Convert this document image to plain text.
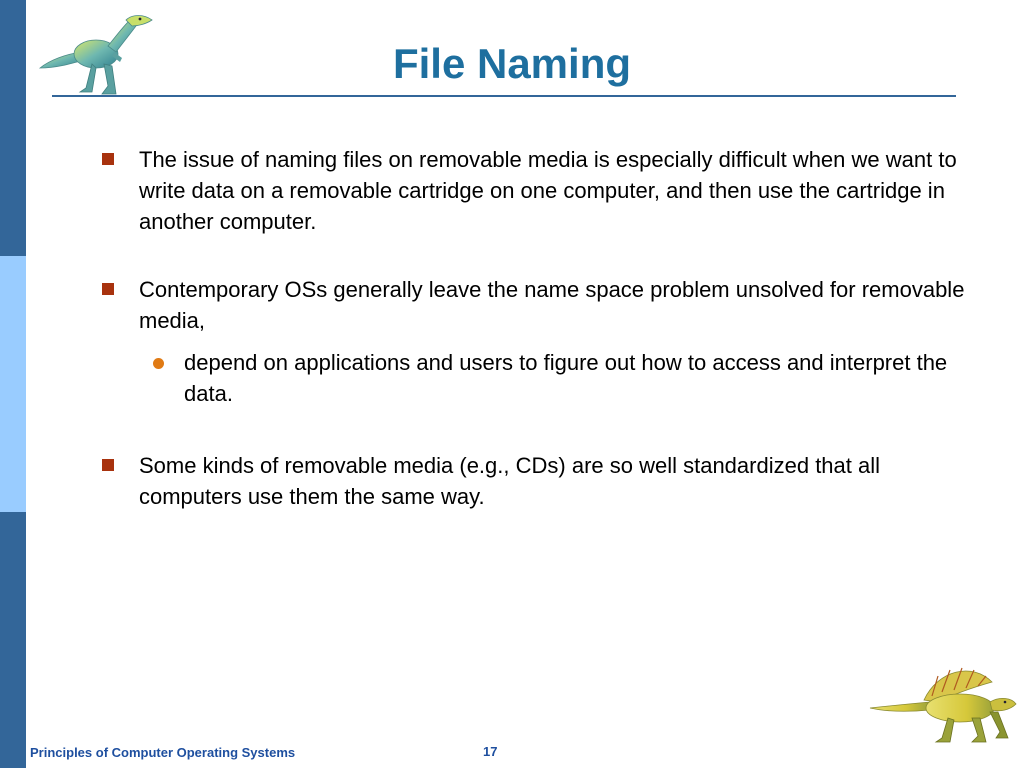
File Naming
The issue of naming files on removable media is especially difficult when we want to write data on a removable cartridge on one computer, and then use the cartridge in another computer.
Contemporary OSs generally leave the name space problem unsolved for removable media,
depend on applications and users to figure out how to access and interpret the data.
Some kinds of removable media (e.g., CDs) are so well standardized that all computers use them the same way.
Principles of Computer Operating Systems	17
